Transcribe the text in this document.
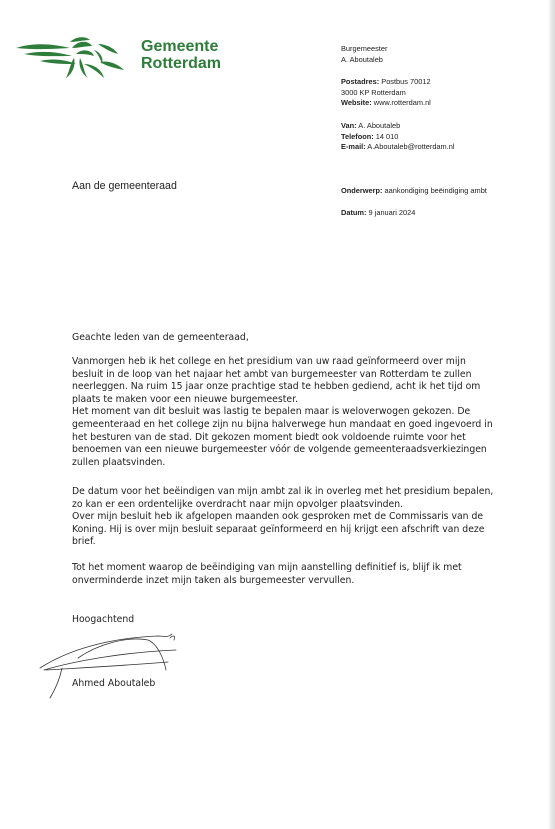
Gemeente
Rotterdam
Burgemeester
A. Aboutaleb
Postadres: Postbus 70012
3000 KP Rotterdam
Website: www.rotterdam.nl
Van: A. Aboutaleb
Telefoon: 14 010
E-mail: A.Aboutaleb@rotterdam.nl
Aan de gemeenteraad	Onderwerp: aankondiging beëindiging ambt
Datum: 9 januari 2024
Geachte leden van de gemeenteraad,

Vanmorgen heb ik het college en het presidium van uw raad geïnformeerd over mijn

besluit in de loop van het najaar het ambt van burgemeester van Rotterdam te zullen

neerleggen. Na ruim 15 jaar onze prachtige stad te hebben gediend, acht ik het tijd om

plaats te maken voor een nieuwe burgemeester.

Het moment van dit besluit was lastig te bepalen maar is weloverwogen gekozen. De

gemeenteraad en het college zijn nu bijna halverwege hun mandaat en goed ingevoerd in

het besturen van de stad. Dit gekozen moment biedt ook voldoende ruimte voor het

benoemen van een nieuwe burgemeester vóór de volgende gemeenteraadsverkiezingen

zullen plaatsvinden.

De datum voor het beëindigen van mijn ambt zal ik in overleg met het presidium bepalen,

zo kan er een ordentelijke overdracht naar mijn opvolger plaatsvinden.

Over mijn besluit heb ik afgelopen maanden ook gesproken met de Commissaris van de

Koning. Hij is over mijn besluit separaat geïnformeerd en hij krijgt een afschrift van deze

brief.

Tot het moment waarop de beëindiging van mijn aanstelling definitief is, blijf ik met

onverminderde inzet mijn taken als burgemeester vervullen.

Hoogachtend
Ahmed Aboutaleb
